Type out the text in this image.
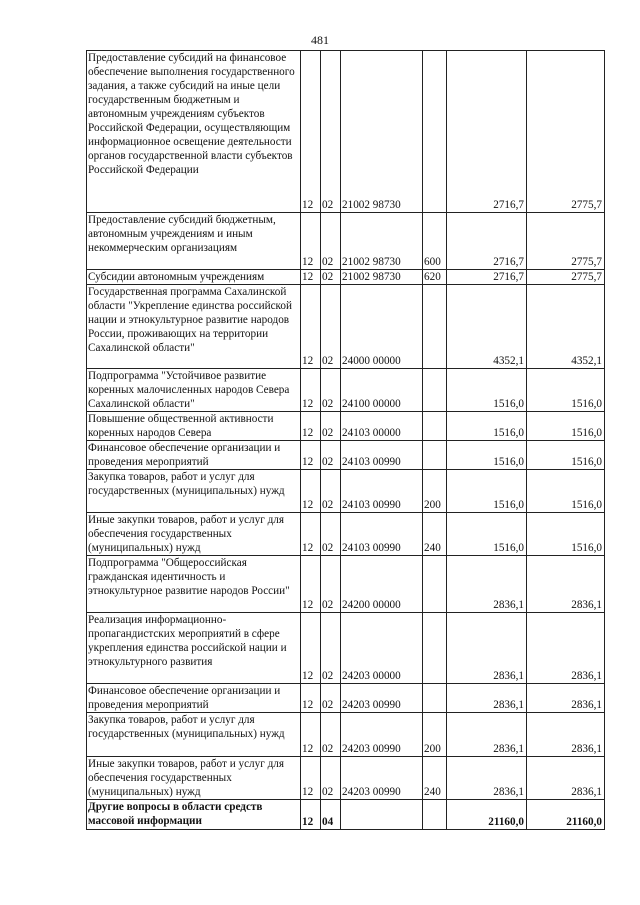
481
Предоставление субсидий на финансовое обеспечение выполнения государственного задания, а также субсидий на иные цели государственным бюджетным и автономным учреждениям субъектов Российской Федерации, осуществляющим информационное освещение деятельности органов государственной власти субъектов Российской Федерации	12	02	21002 98730		2716,7	2775,7
Предоставление субсидий бюджетным, автономным учреждениям и иным некоммерческим организациям	12	02	21002 98730	600	2716,7	2775,7
Субсидии автономным учреждениям	12	02	21002 98730	620	2716,7	2775,7
Государственная программа Сахалинской области "Укрепление единства российской нации и этнокультурное развитие народов России, проживающих на территории Сахалинской области"	12	02	24000 00000		4352,1	4352,1
Подпрограмма "Устойчивое развитие коренных малочисленных народов Севера Сахалинской области"	12	02	24100 00000		1516,0	1516,0
Повышение общественной активности коренных народов Севера	12	02	24103 00000		1516,0	1516,0
Финансовое обеспечение организации и проведения мероприятий	12	02	24103 00990		1516,0	1516,0
Закупка товаров, работ и услуг для государственных (муниципальных) нужд	12	02	24103 00990	200	1516,0	1516,0
Иные закупки товаров, работ и услуг для обеспечения государственных (муниципальных) нужд	12	02	24103 00990	240	1516,0	1516,0
Подпрограмма "Общероссийская гражданская идентичность и этнокультурное развитие народов России"	12	02	24200 00000		2836,1	2836,1
Реализация информационно-пропагандистских мероприятий в сфере укрепления единства российской нации и этнокультурного развития	12	02	24203 00000		2836,1	2836,1
Финансовое обеспечение организации и проведения мероприятий	12	02	24203 00990		2836,1	2836,1
Закупка товаров, работ и услуг для государственных (муниципальных) нужд	12	02	24203 00990	200	2836,1	2836,1
Иные закупки товаров, работ и услуг для обеспечения государственных (муниципальных) нужд	12	02	24203 00990	240	2836,1	2836,1
Другие вопросы в области средств массовой информации	12	04			21160,0	21160,0
